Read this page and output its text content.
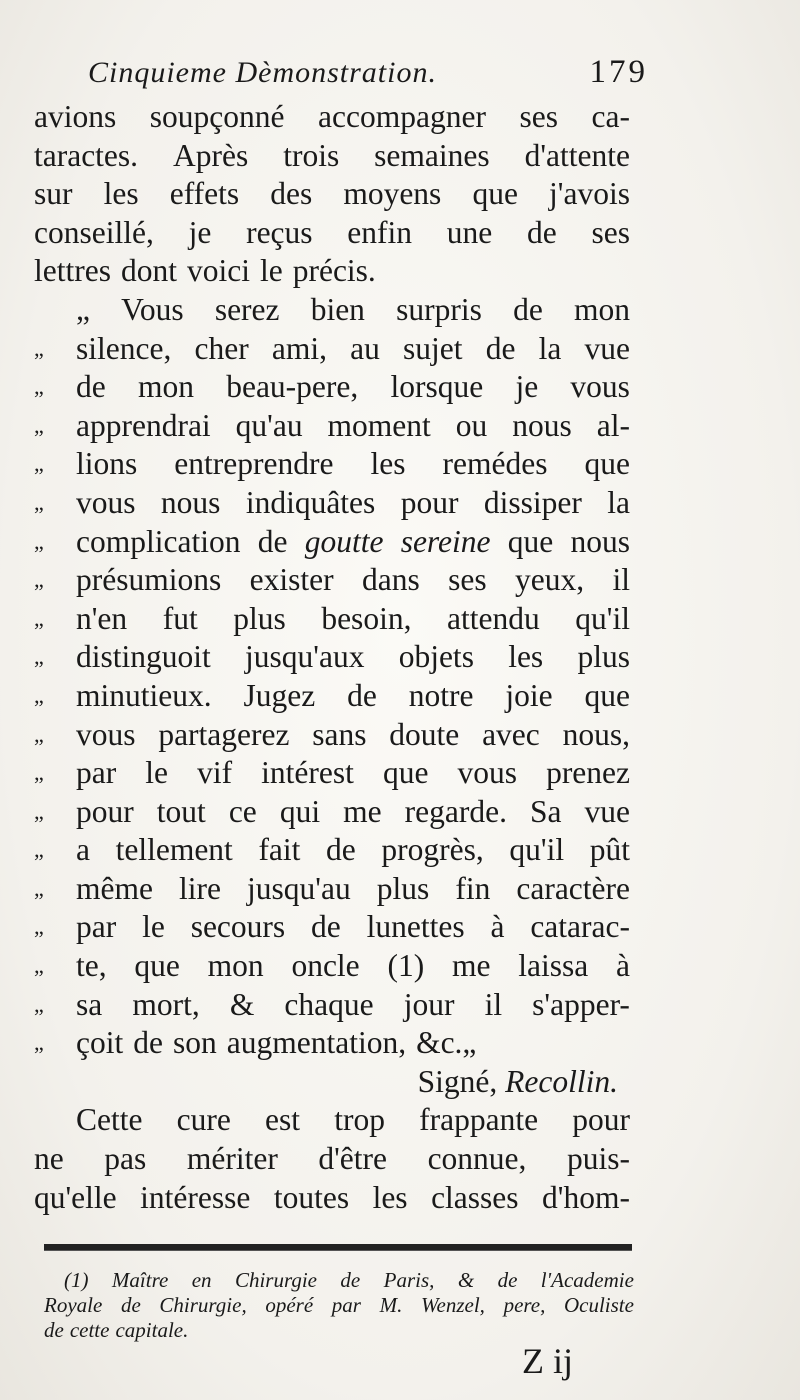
Cinquieme Dèmonstration.	179
avions soupçonné accompagner ses ca-
taractes. Après trois semaines d'attente
sur les effets des moyens que j'avois
conseillé, je reçus enfin une de ses
lettres dont voici le précis.
„ Vous serez bien surpris de mon
„	silence, cher ami, au sujet de la vue
„	de mon beau-pere, lorsque je vous
„	apprendrai qu'au moment ou nous al-
„	lions entreprendre les remédes que
„	vous nous indiquâtes pour dissiper la
„	complication de goutte sereine que nous
„	présumions exister dans ses yeux, il
„	n'en fut plus besoin, attendu qu'il
„	distinguoit jusqu'aux objets les plus
„	minutieux. Jugez de notre joie que
„	vous partagerez sans doute avec nous,
„	par le vif intérest que vous prenez
„	pour tout ce qui me regarde. Sa vue
„	a tellement fait de progrès, qu'il pût
„	même lire jusqu'au plus fin caractère
„	par le secours de lunettes à catarac-
„	te, que mon oncle (1) me laissa à
„	sa mort, & chaque jour il s'apper-
„	çoit de son augmentation, &c.„
Signé, Recollin.
Cette cure est trop frappante pour
ne pas mériter d'être connue, puis-
qu'elle intéresse toutes les classes d'hom-
(1) Maître en Chirurgie de Paris, & de l'Academie
Royale de Chirurgie, opéré par M. Wenzel, pere, Oculiste
de cette capitale.
Z ij
